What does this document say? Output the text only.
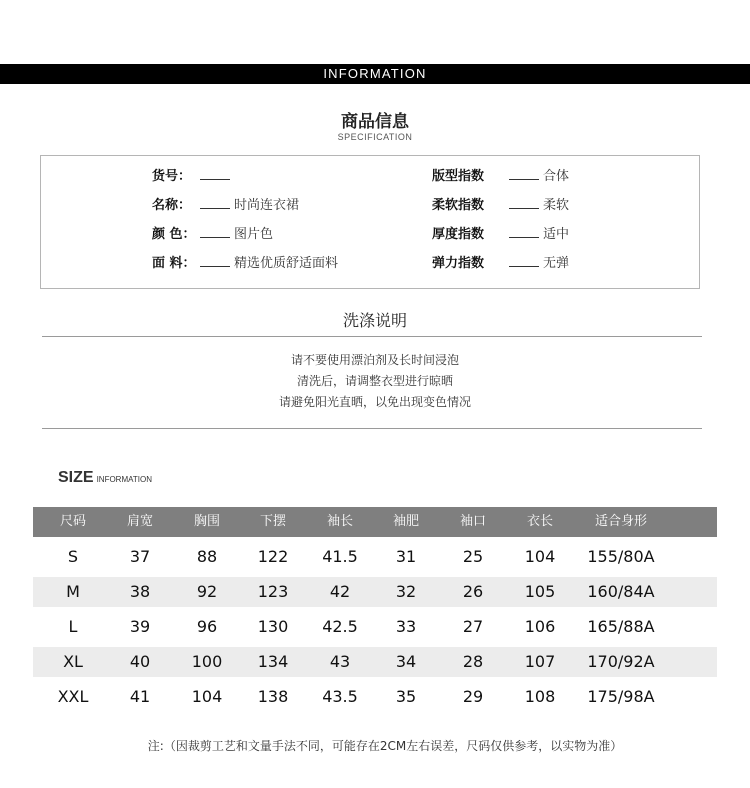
INFORMATION
商品信息
SPECIFICATION
货号：
名称：	时尚连衣裙
颜 色：	图片色
面 料：	精选优质舒适面料
版型指数	合体
柔软指数	柔软
厚度指数	适中
弹力指数	无弹
洗涤说明
请不要使用漂泊剂及长时间浸泡
清洗后，请调整衣型进行晾晒
请避免阳光直晒，以免出现变色情况
SIZE INFORMATION
尺码	肩宽	胸围	下摆	袖长	袖肥	袖口	衣长	适合身形
S	37	88	122	41.5	31	25	104	155/80A
M	38	92	123	42	32	26	105	160/84A
L	39	96	130	42.5	33	27	106	165/88A
XL	40	100	134	43	34	28	107	170/92A
XXL	41	104	138	43.5	35	29	108	175/98A
注:（因裁剪工艺和文量手法不同，可能存在2CM左右误差，尺码仅供参考，以实物为准）
